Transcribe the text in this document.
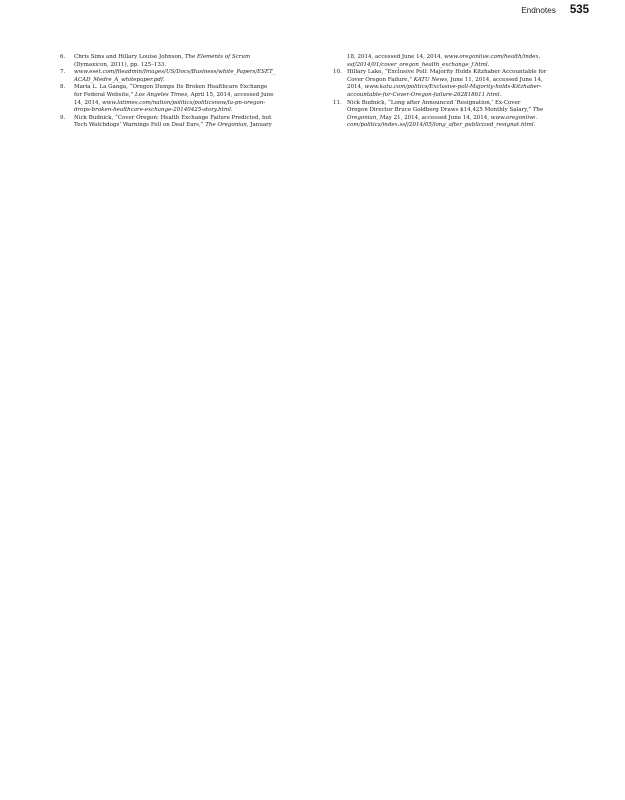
Endnotes 535
6. Chris Sims and Hillary Louise Johnson, The Elements of Scrum
(Dymaxicon, 2011), pp. 125–133.
7. www.eset.com/fileadmin/Images/US/Docs/Business/white_Papers/ESET_
ACAD_Medre_A_whitepaper.pdf.
8. Maria L. La Ganga, “Oregon Dumps Its Broken Healthcare Exchange
for Federal Website,” Los Angeles Times, April 15, 2014, accessed June
14, 2014, www.latimes.com/nation/politics/politicsnow/la-pn-oregon-
drops-broken-healthcare-exchange-20140425-story.html.
9. Nick Budnick, “Cover Oregon: Health Exchange Failure Predicted, but
Tech Watchdogs’ Warnings Fell on Deaf Ears,” The Oregonian, January
18, 2014, accessed June 14, 2014, www.oregonlive.com/health/index.
ssf/2014/01/cover_oregon_health_exchange_f.html.
10. Hillary Lake, “Exclusive Poll: Majority Holds Kitzhaber Accountable for
Cover Oregon Failure,” KATU News, June 11, 2014, accessed June 14,
2014, www.katu.com/politics/Exclusive-poll-Majority-holds-Kitzhaber-
accountable-for-Cover-Oregon-failure-262818611.html.
11. Nick Budnick, “Long after Announced ‘Resignation,’ Ex-Cover
Oregon Director Bruce Goldberg Draws $14,425 Monthly Salary,” The
Oregonian, May 21, 2014, accessed June 14, 2014, www.oregonlive.
com/politics/index.ssf/2014/05/long_after_publicized_resignat.html.
